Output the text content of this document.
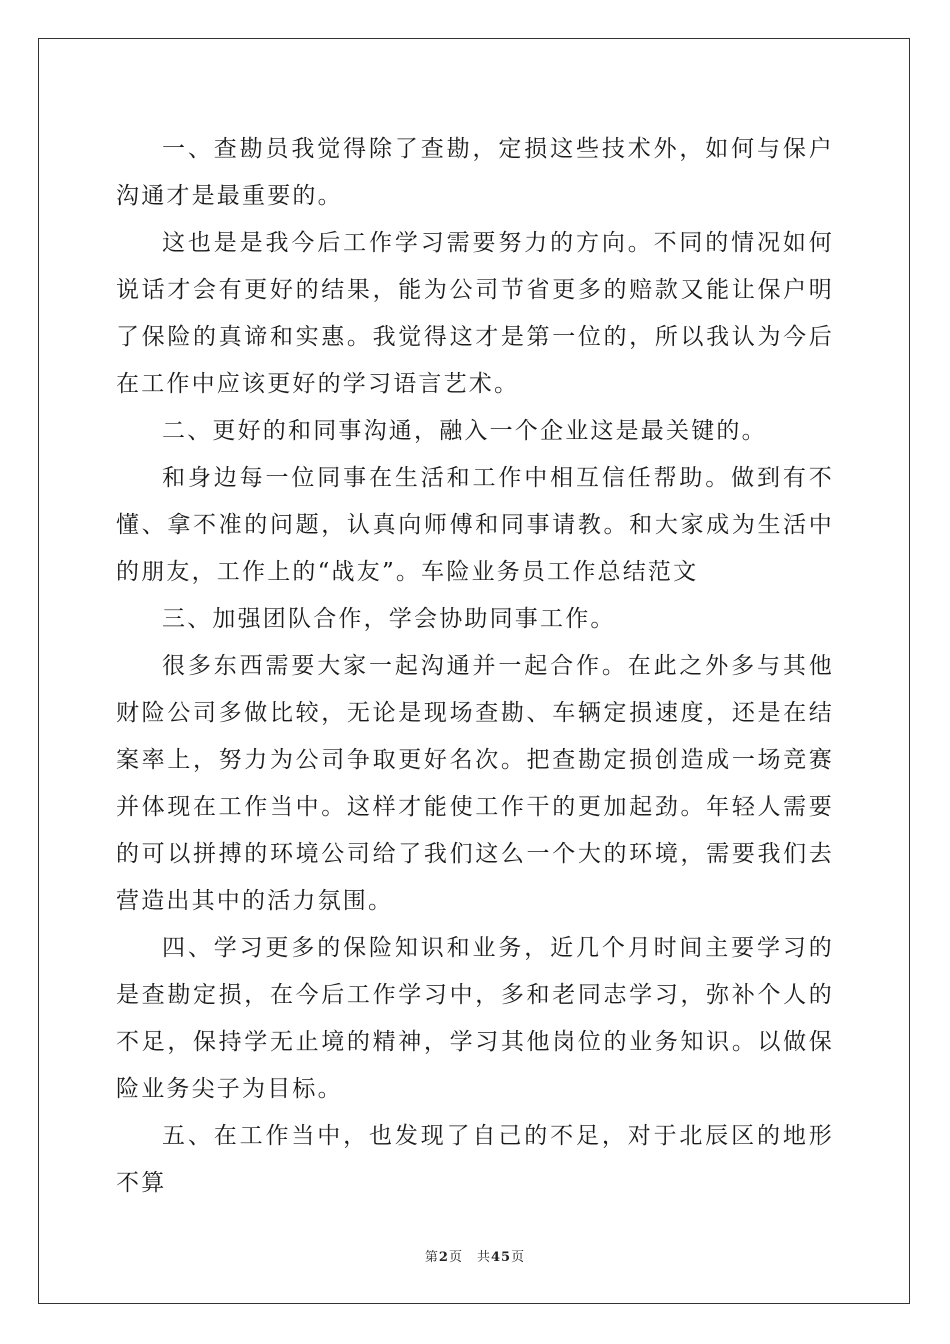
一、查勘员我觉得除了查勘，定损这些技术外，如何与保户沟通才是最重要的。

这也是是我今后工作学习需要努力的方向。不同的情况如何说话才会有更好的结果，能为公司节省更多的赔款又能让保户明了保险的真谛和实惠。我觉得这才是第一位的，所以我认为今后在工作中应该更好的学习语言艺术。

二、更好的和同事沟通，融入一个企业这是最关键的。

和身边每一位同事在生活和工作中相互信任帮助。做到有不懂、拿不准的问题，认真向师傅和同事请教。和大家成为生活中的朋友，工作上的“战友”。车险业务员工作总结范文

三、加强团队合作，学会协助同事工作。

很多东西需要大家一起沟通并一起合作。在此之外多与其他财险公司多做比较，无论是现场查勘、车辆定损速度，还是在结案率上，努力为公司争取更好名次。把查勘定损创造成一场竞赛并体现在工作当中。这样才能使工作干的更加起劲。年轻人需要的可以拼搏的环境公司给了我们这么一个大的环境，需要我们去营造出其中的活力氛围。

四、学习更多的保险知识和业务，近几个月时间主要学习的是查勘定损，在今后工作学习中，多和老同志学习，弥补个人的不足，保持学无止境的精神，学习其他岗位的业务知识。以做保险业务尖子为目标。

五、在工作当中，也发现了自己的不足，对于北辰区的地形不算

第2页 共45页
